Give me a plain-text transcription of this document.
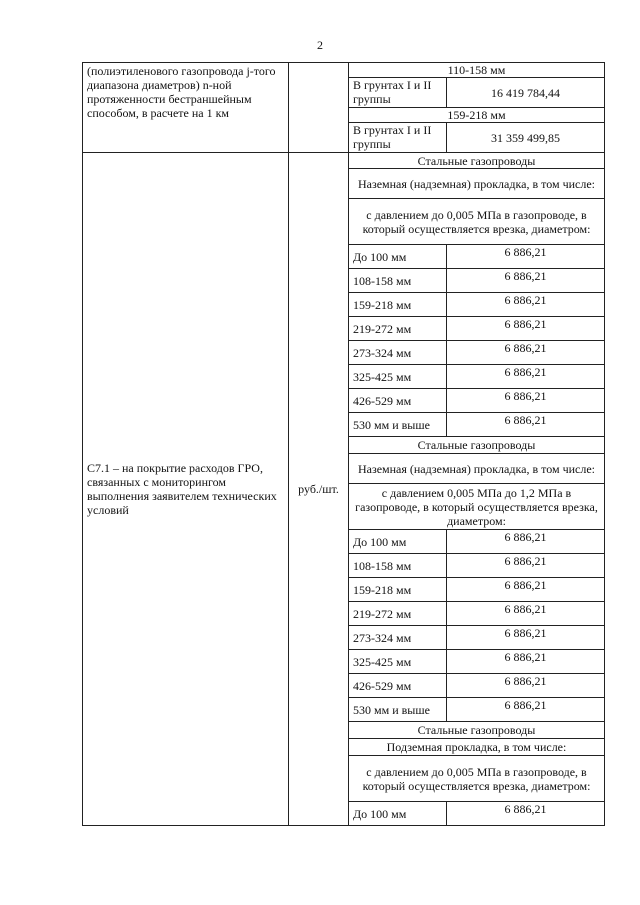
2
(полиэтиленового газопровода j-того диапазона диаметров) n-ной протяженности бестраншейным способом, в расчете на 1 км		110-158 мм	
		В грунтах I и II группы	16 419 784,44
		159-218 мм	
		В грунтах I и II группы	31 359 499,85
С7.1 – на покрытие расходов ГРО, связанных с мониторингом выполнения заявителем технических условий	руб./шт.	Стальные газопроводы	
		Наземная (надземная) прокладка, в том числе:	
		с давлением до 0,005 МПа в газопроводе, в который осуществляется врезка, диаметром:	
		До 100 мм	6 886,21
		108-158 мм	6 886,21
		159-218 мм	6 886,21
		219-272 мм	6 886,21
		273-324 мм	6 886,21
		325-425 мм	6 886,21
		426-529 мм	6 886,21
		530 мм и выше	6 886,21
		Стальные газопроводы	
		Наземная (надземная) прокладка, в том числе:	
		с давлением 0,005 МПа до 1,2 МПа в газопроводе, в который осуществляется врезка, диаметром:	
		До 100 мм	6 886,21
		108-158 мм	6 886,21
		159-218 мм	6 886,21
		219-272 мм	6 886,21
		273-324 мм	6 886,21
		325-425 мм	6 886,21
		426-529 мм	6 886,21
		530 мм и выше	6 886,21
		Стальные газопроводы	
		Подземная прокладка, в том числе:	
		с давлением до 0,005 МПа в газопроводе, в который осуществляется врезка, диаметром:	
		До 100 мм	6 886,21
